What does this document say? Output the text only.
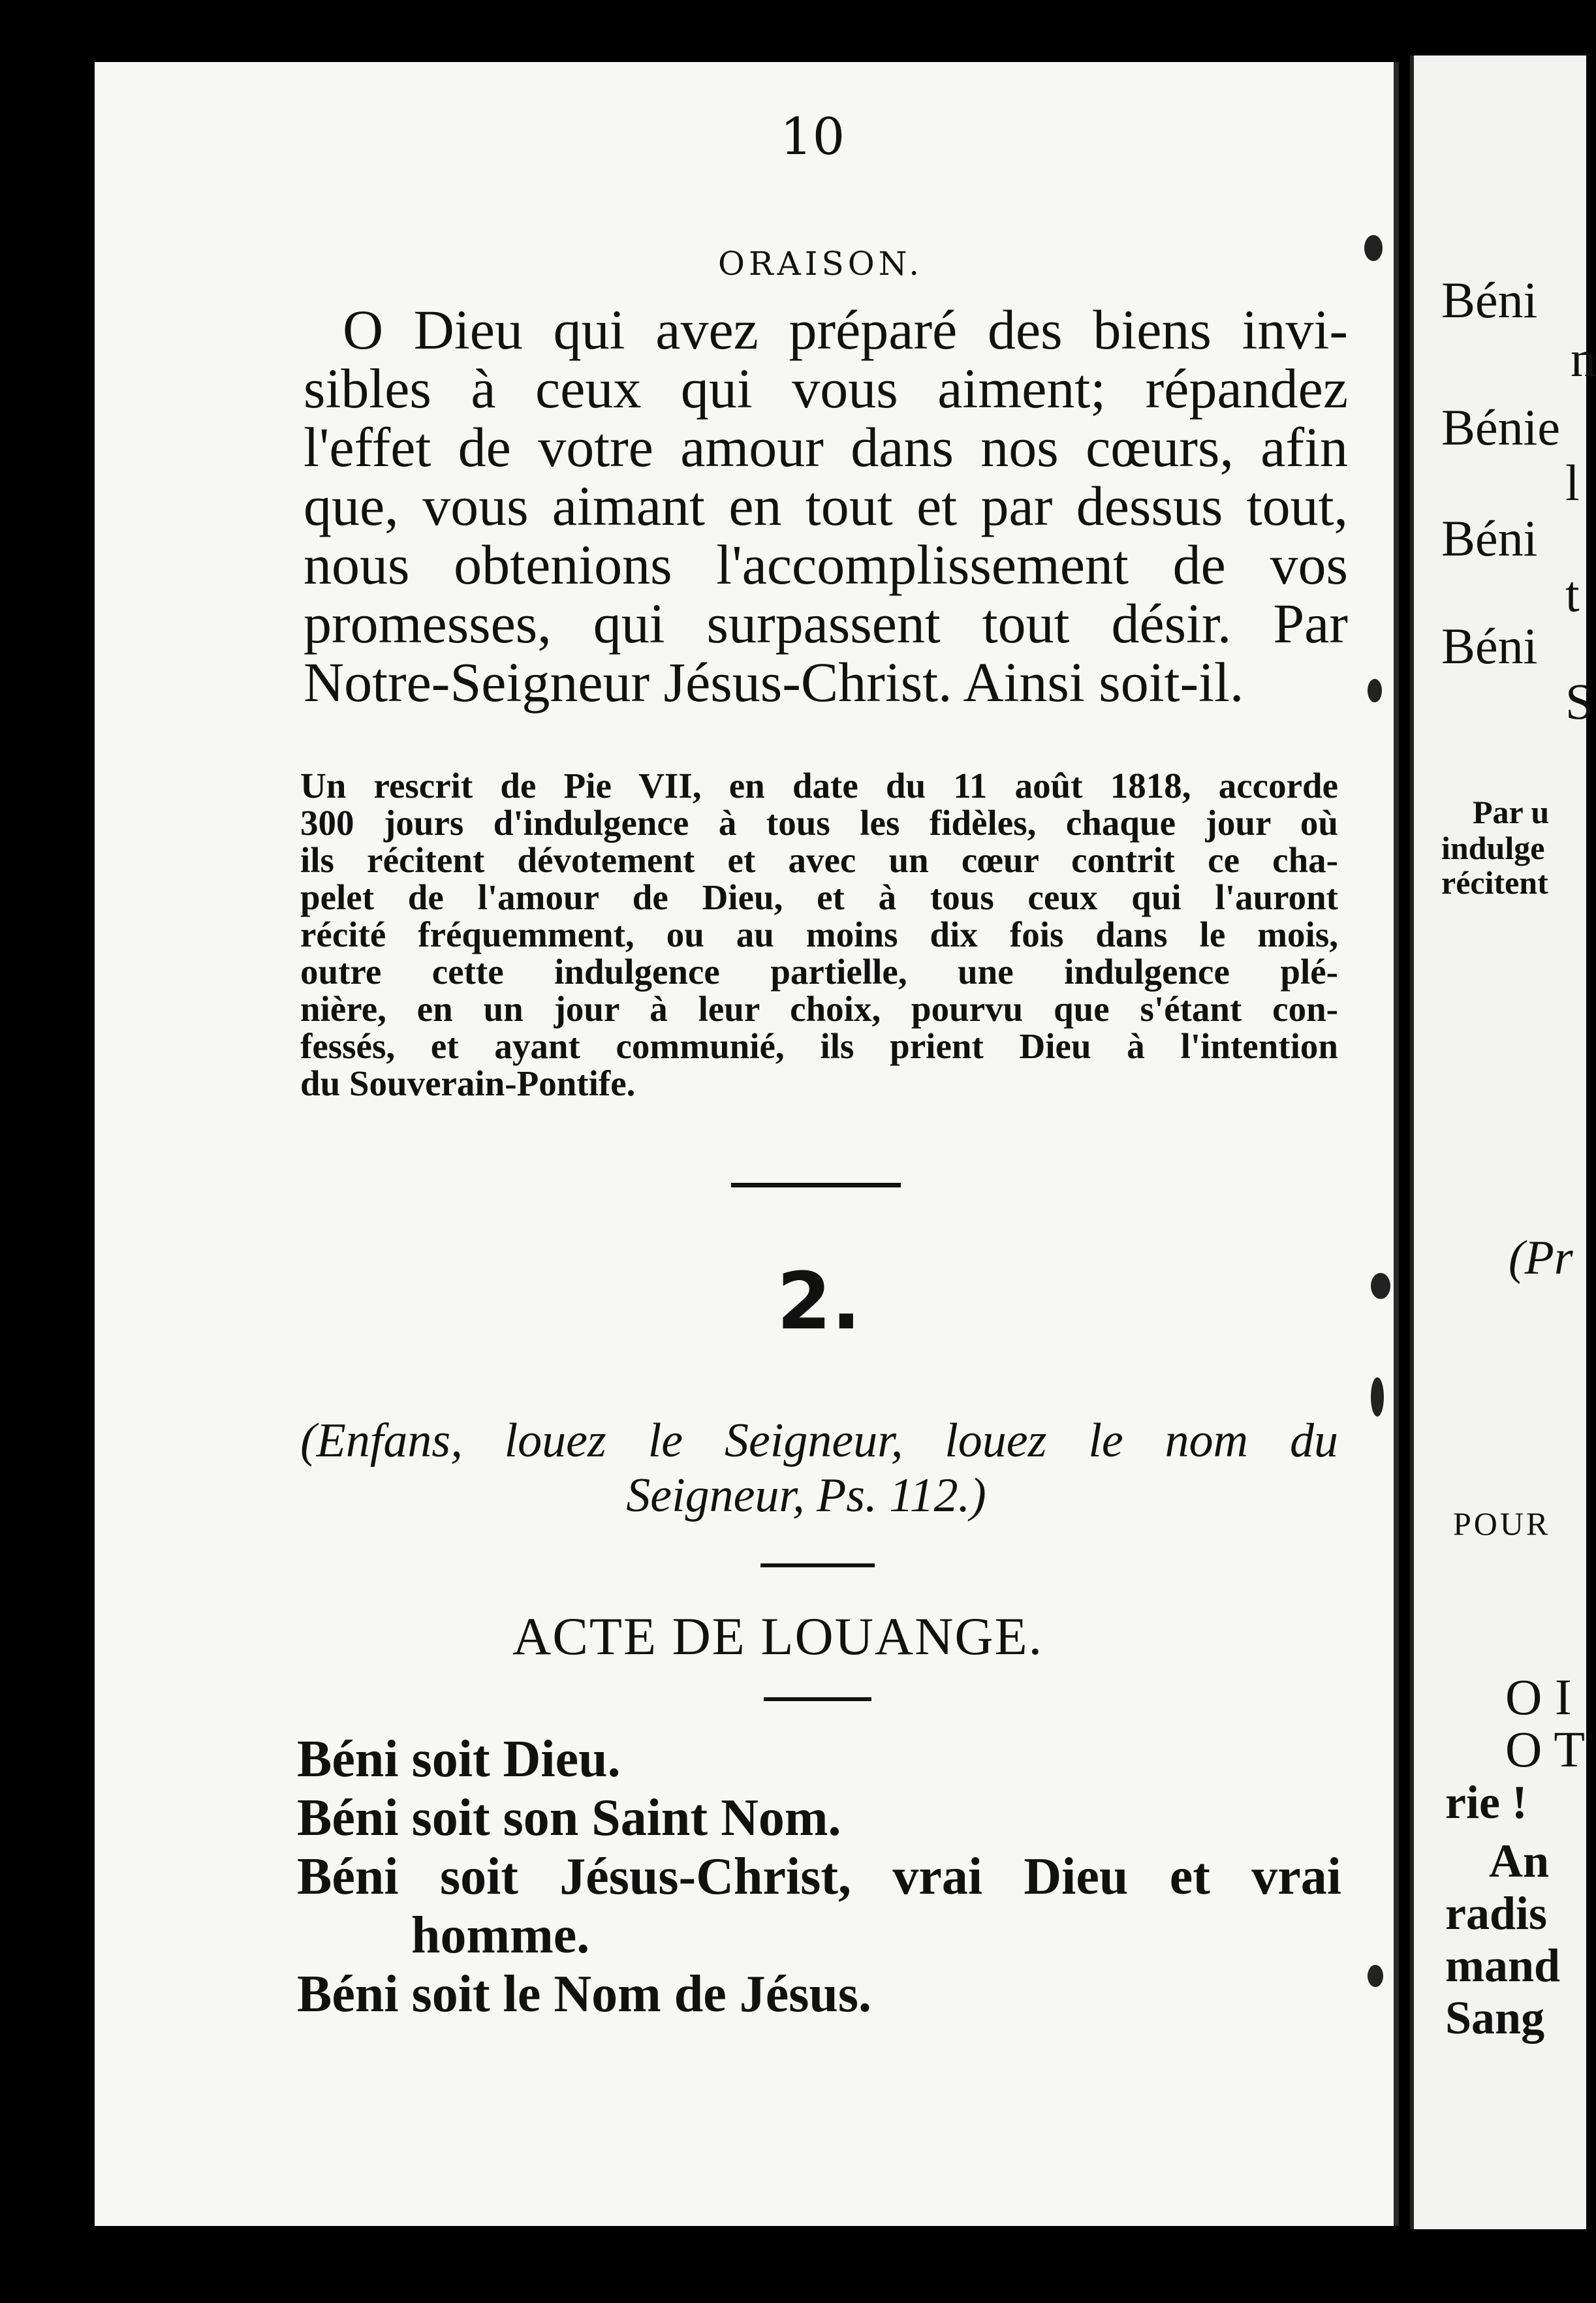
10
ORAISON.
O Dieu qui avez préparé des biens invi-
sibles à ceux qui vous aiment; répandez
l'effet de votre amour dans nos cœurs, afin
que, vous aimant en tout et par dessus tout,
nous obtenions l'accomplissement de vos
promesses, qui surpassent tout désir. Par
Notre-Seigneur Jésus-Christ. Ainsi soit-il.
Un rescrit de Pie VII, en date du 11 août 1818, accorde
300 jours d'indulgence à tous les fidèles, chaque jour où
ils récitent dévotement et avec un cœur contrit ce cha-
pelet de l'amour de Dieu, et à tous ceux qui l'auront
récité fréquemment, ou au moins dix fois dans le mois,
outre cette indulgence partielle, une indulgence plé-
nière, en un jour à leur choix, pourvu que s'étant con-
fessés, et ayant communié, ils prient Dieu à l'intention
du Souverain-Pontife.
2.
(Enfans, louez le Seigneur, louez le nom du
Seigneur, Ps. 112.)
ACTE DE LOUANGE.
Béni soit Dieu.
Béni soit son Saint Nom.
Béni soit Jésus-Christ, vrai Dieu et vrai
homme.
Béni soit le Nom de Jésus.
Béni
n
Bénie
l
Béni
t
Béni
S
Par u
indulge
récitent
(Pr
POUR
O I
O T
rie !
An
radis
mand
Sang
